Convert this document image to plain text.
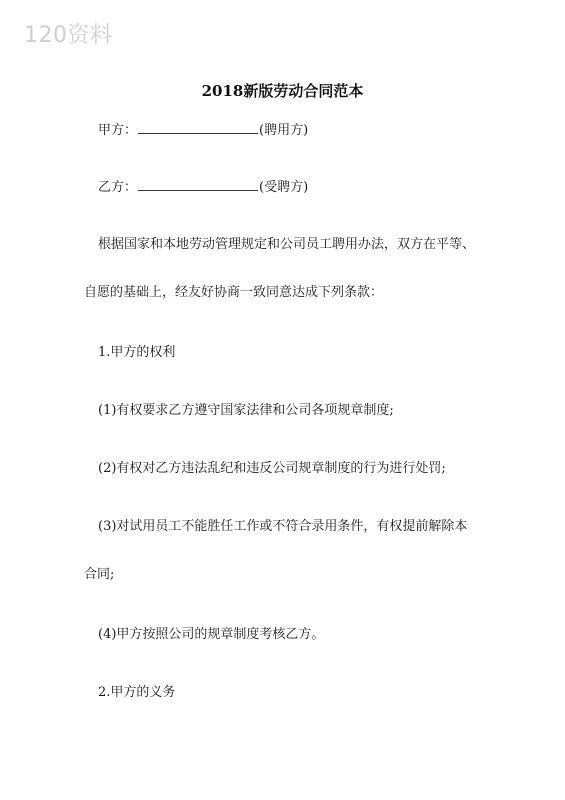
120资料
2018新版劳动合同范本
甲方：	(聘用方)
乙方：	(受聘方)
根据国家和本地劳动管理规定和公司员工聘用办法，双方在平等、
自愿的基础上，经友好协商一致同意达成下列条款：
1.甲方的权利
(1)有权要求乙方遵守国家法律和公司各项规章制度;
(2)有权对乙方违法乱纪和违反公司规章制度的行为进行处罚;
(3)对试用员工不能胜任工作或不符合录用条件，有权提前解除本
合同;
(4)甲方按照公司的规章制度考核乙方。
2.甲方的义务
